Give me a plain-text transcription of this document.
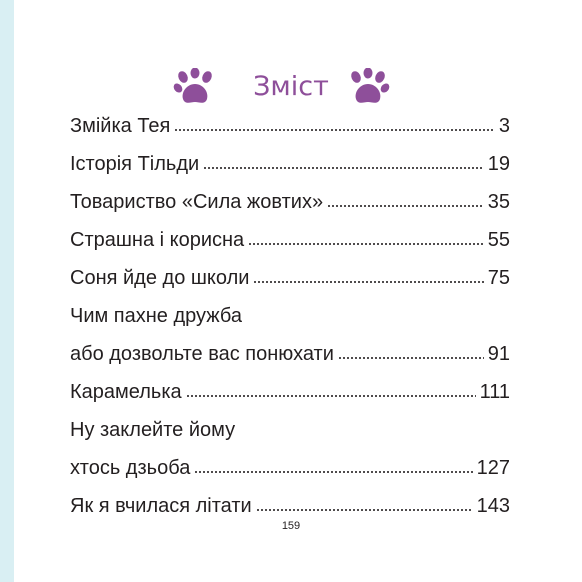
Зміст
Змійка Тея	3
Історія Тільди	19
Товариство «Сила жовтих»	35
Страшна і корисна	55
Соня йде до школи	75
Чим пахне дружба
або дозвольте вас понюхати	91
Карамелька	111
Ну заклейте йому
хтось дзьоба	127
Як я вчилася літати	143
159
